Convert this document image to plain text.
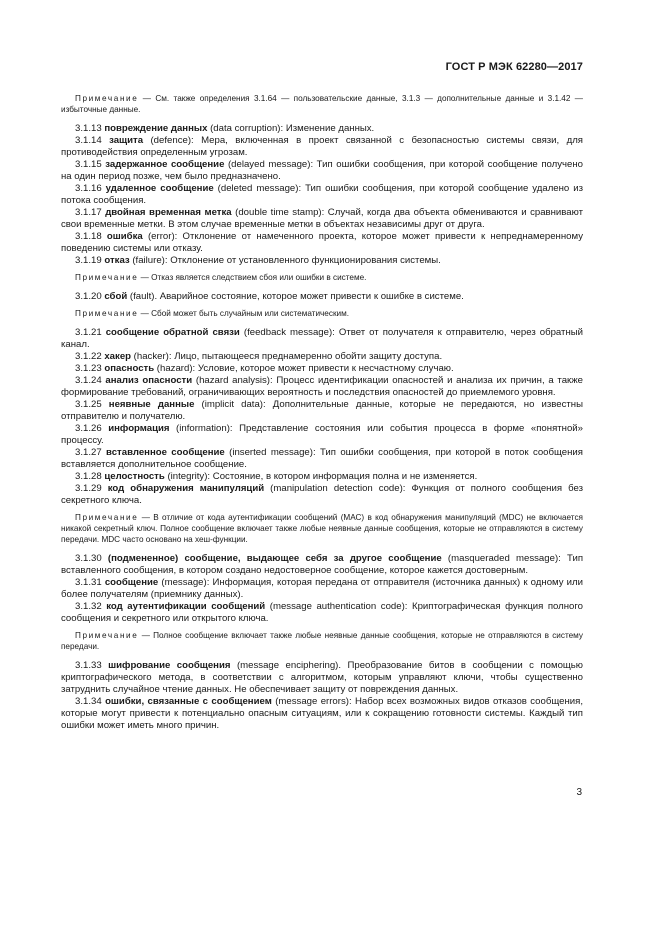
ГОСТ Р МЭК 62280—2017

Примечание — См. также определения 3.1.64 — пользовательские данные, 3.1.3 — дополнительные данные и 3.1.42 — избыточные данные.

3.1.13 повреждение данных (data corruption): Изменение данных.

3.1.14 защита (defence): Мера, включенная в проект связанной с безопасностью системы связи, для противодействия определенным угрозам.

3.1.15 задержанное сообщение (delayed message): Тип ошибки сообщения, при которой сообщение получено на один период позже, чем было предназначено.

3.1.16 удаленное сообщение (deleted message): Тип ошибки сообщения, при которой сообщение удалено из потока сообщения.

3.1.17 двойная временная метка (double time stamp): Случай, когда два объекта обмениваются и сравнивают свои временные метки. В этом случае временные метки в объектах независимы друг от друга.

3.1.18 ошибка (error): Отклонение от намеченного проекта, которое может привести к непреднамеренному поведению системы или отказу.

3.1.19 отказ (failure): Отклонение от установленного функционирования системы.

Примечание — Отказ является следствием сбоя или ошибки в системе.

3.1.20 сбой (fault). Аварийное состояние, которое может привести к ошибке в системе.

Примечание — Сбой может быть случайным или систематическим.

3.1.21 сообщение обратной связи (feedback message): Ответ от получателя к отправителю, через обратный канал.

3.1.22 хакер (hacker): Лицо, пытающееся преднамеренно обойти защиту доступа.

3.1.23 опасность (hazard): Условие, которое может привести к несчастному случаю.

3.1.24 анализ опасности (hazard analysis): Процесс идентификации опасностей и анализа их причин, а также формирование требований, ограничивающих вероятность и последствия опасностей до приемлемого уровня.

3.1.25 неявные данные (implicit data): Дополнительные данные, которые не передаются, но известны отправителю и получателю.

3.1.26 информация (information): Представление состояния или события процесса в форме «понятной» процессу.

3.1.27 вставленное сообщение (inserted message): Тип ошибки сообщения, при которой в поток сообщения вставляется дополнительное сообщение.

3.1.28 целостность (integrity): Состояние, в котором информация полна и не изменяется.

3.1.29 код обнаружения манипуляций (manipulation detection code): Функция от полного сообщения без секретного ключа.

Примечание — В отличие от кода аутентификации сообщений (МАС) в код обнаружения манипуляций (MDC) не включается никакой секретный ключ. Полное сообщение включает также любые неявные данные сообщения, которые не отправляются в систему передачи. MDC часто основано на хеш-функции.

3.1.30 (подмененное) сообщение, выдающее себя за другое сообщение (masqueraded message): Тип вставленного сообщения, в котором создано недостоверное сообщение, которое кажется достоверным.

3.1.31 сообщение (message): Информация, которая передана от отправителя (источника данных) к одному или более получателям (приемнику данных).

3.1.32 код аутентификации сообщений (message authentication code): Криптографическая функция полного сообщения и секретного или открытого ключа.

Примечание — Полное сообщение включает также любые неявные данные сообщения, которые не отправляются в систему передачи.

3.1.33 шифрование сообщения (message enciphering). Преобразование битов в сообщении с помощью криптографического метода, в соответствии с алгоритмом, которым управляют ключи, чтобы существенно затруднить случайное чтение данных. Не обеспечивает защиту от повреждения данных.

3.1.34 ошибки, связанные с сообщением (message errors): Набор всех возможных видов отказов сообщения, которые могут привести к потенциально опасным ситуациям, или к сокращению готовности системы. Каждый тип ошибки может иметь много причин.

3
